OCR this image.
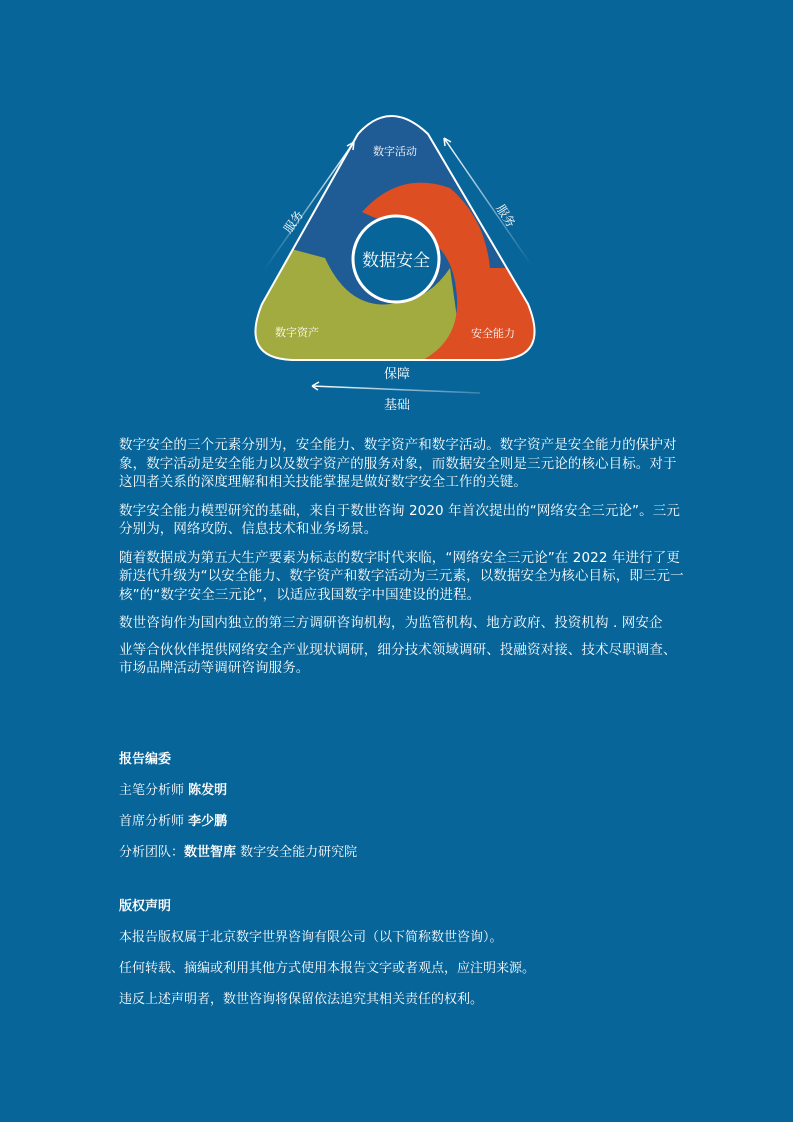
数据安全
数字活动
数字资产	安全能力
服务	服务
保障
基础

数字安全的三个元素分别为，安全能力、数字资产和数字活动。数字资产是安全能力的保护对象，数字活动是安全能力以及数字资产的服务对象，而数据安全则是三元论的核心目标。对于这四者关系的深度理解和相关技能掌握是做好数字安全工作的关键。

数字安全能力模型研究的基础，来自于数世咨询 2020 年首次提出的“网络安全三元论”。三元分别为，网络攻防、信息技术和业务场景。

随着数据成为第五大生产要素为标志的数字时代来临，“网络安全三元论”在 2022 年进行了更新迭代升级为“以安全能力、数字资产和数字活动为三元素，以数据安全为核心目标，即三元一核”的“数字安全三元论”，以适应我国数字中国建设的进程。

数世咨询作为国内独立的第三方调研咨询机构，为监管机构、地方政府、投资机构 . 网安企

业等合伙伙伴提供网络安全产业现状调研，细分技术领域调研、投融资对接、技术尽职调查、市场品牌活动等调研咨询服务。

报告编委
主笔分析师 陈发明
首席分析师 李少鹏
分析团队：数世智库 数字安全能力研究院
版权声明
本报告版权属于北京数字世界咨询有限公司（以下简称数世咨询）。
任何转载、摘编或利用其他方式使用本报告文字或者观点，应注明来源。
违反上述声明者，数世咨询将保留依法追究其相关责任的权利。
